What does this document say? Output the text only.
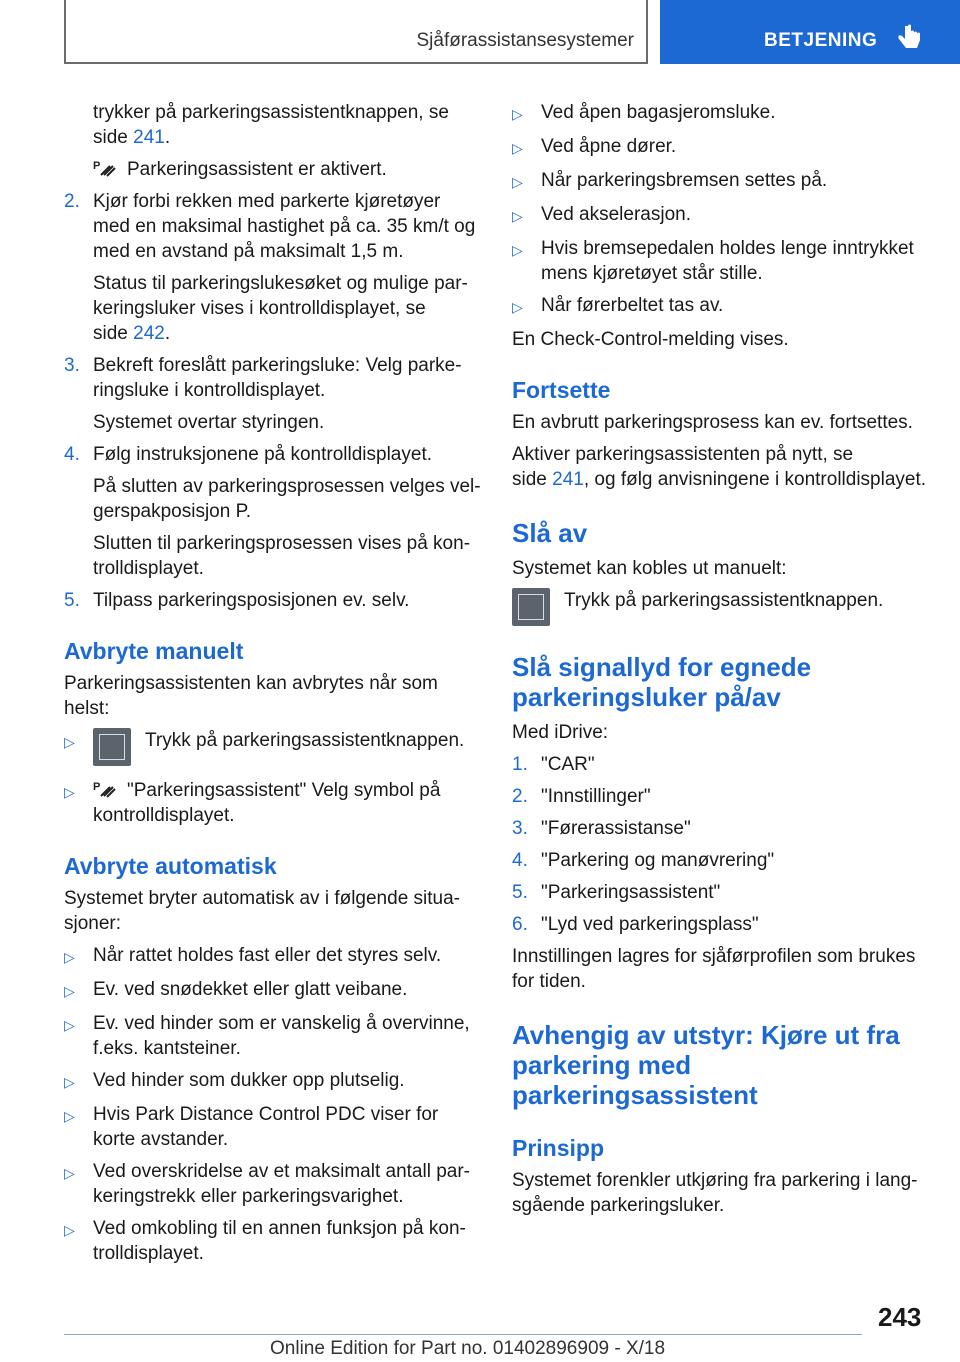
Sjåførassistansesystemer	BETJENING
trykker på parkeringsassistentknappen, se
side 241.
P Parkeringsassistent er aktivert.
2. Kjør forbi rekken med parkerte kjøretøyer
med en maksimal hastighet på ca. 35 km/t og
med en avstand på maksimalt 1,5 m.
Status til parkeringslukesøket og mulige par-
keringsluker vises i kontrolldisplayet, se
side 242.
3. Bekreft foreslått parkeringsluke: Velg parke-
ringsluke i kontrolldisplayet.
Systemet overtar styringen.
4. Følg instruksjonene på kontrolldisplayet.
På slutten av parkeringsprosessen velges vel-
gerspakposisjon P.
Slutten til parkeringsprosessen vises på kon-
trolldisplayet.
5. Tilpass parkeringsposisjonen ev. selv.
Avbryte manuelt
Parkeringsassistenten kan avbrytes når som
helst:
▷	Trykk på parkeringsassistentknappen.
▷	P "Parkeringsassistent" Velg symbol på
kontrolldisplayet.
Avbryte automatisk
Systemet bryter automatisk av i følgende situa-
sjoner:
▷ Når rattet holdes fast eller det styres selv.
▷ Ev. ved snødekket eller glatt veibane.
▷ Ev. ved hinder som er vanskelig å overvinne,
f.eks. kantsteiner.
▷ Ved hinder som dukker opp plutselig.
▷ Hvis Park Distance Control PDC viser for
korte avstander.
▷ Ved overskridelse av et maksimalt antall par-
keringstrekk eller parkeringsvarighet.
▷ Ved omkobling til en annen funksjon på kon-
trolldisplayet.
▷ Ved åpen bagasjeromsluke.
▷ Ved åpne dører.
▷ Når parkeringsbremsen settes på.
▷ Ved akselerasjon.
▷ Hvis bremsepedalen holdes lenge inntrykket
mens kjøretøyet står stille.
▷ Når førerbeltet tas av.
En Check-Control-melding vises.
Fortsette
En avbrutt parkeringsprosess kan ev. fortsettes.
Aktiver parkeringsassistenten på nytt, se
side 241, og følg anvisningene i kontrolldisplayet.
Slå av
Systemet kan kobles ut manuelt:
Trykk på parkeringsassistentknappen.
Slå signallyd for egnede
parkeringsluker på/av
Med iDrive:
1. "CAR"
2. "Innstillinger"
3. "Førerassistanse"
4. "Parkering og manøvrering"
5. "Parkeringsassistent"
6. "Lyd ved parkeringsplass"
Innstillingen lagres for sjåførprofilen som brukes
for tiden.
Avhengig av utstyr: Kjøre ut fra
parkering med
parkeringsassistent
Prinsipp
Systemet forenkler utkjøring fra parkering i lang-
sgående parkeringsluker.
243
Online Edition for Part no. 01402896909 - X/18
